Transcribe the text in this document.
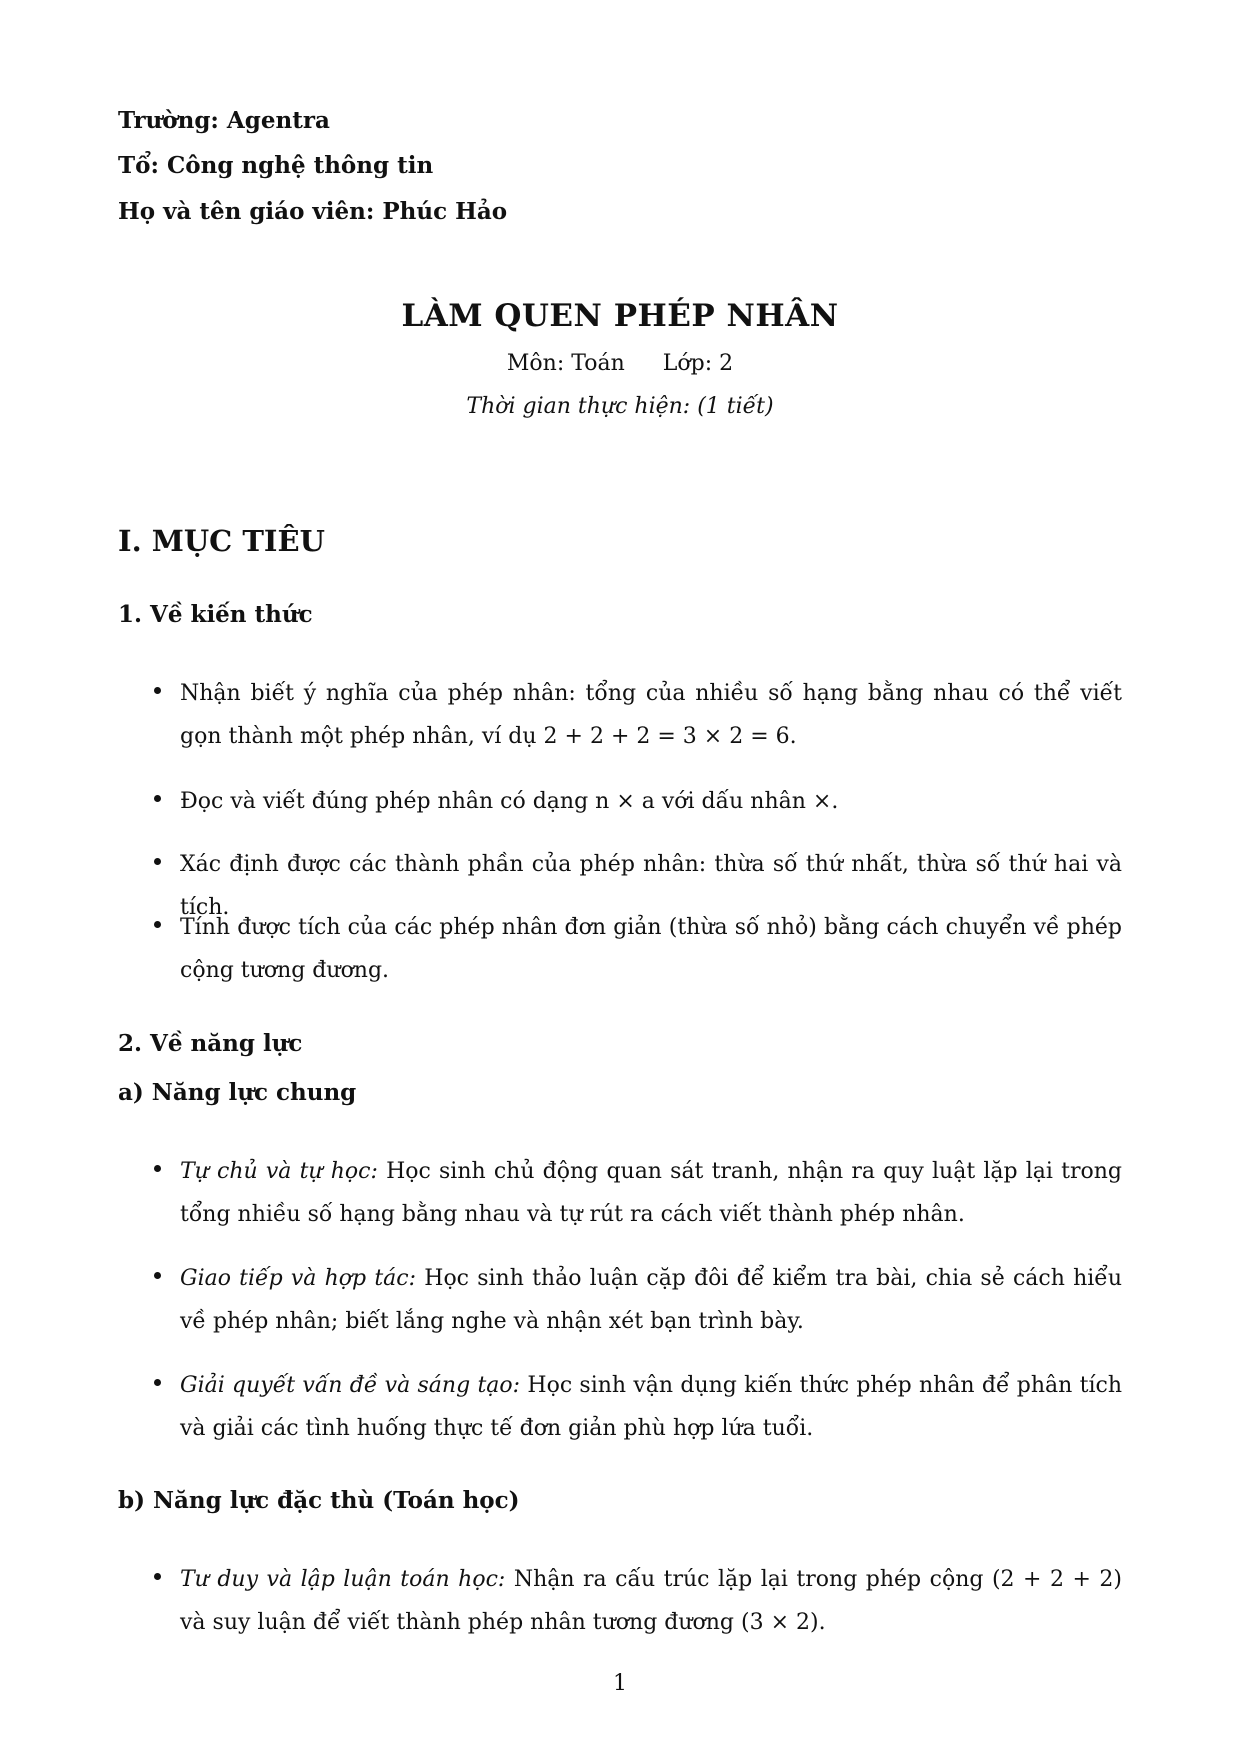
Trường: Agentra
Tổ: Công nghệ thông tin
Họ và tên giáo viên: Phúc Hảo
LÀM QUEN PHÉP NHÂN
Môn: Toán Lớp: 2
Thời gian thực hiện: (1 tiết)
I. MỤC TIÊU
1. Về kiến thức
Nhận biết ý nghĩa của phép nhân: tổng của nhiều số hạng bằng nhau có thể viết gọn thành một phép nhân, ví dụ 2 + 2 + 2 = 3 × 2 = 6.
Đọc và viết đúng phép nhân có dạng n × a với dấu nhân ×.
Xác định được các thành phần của phép nhân: thừa số thứ nhất, thừa số thứ hai và tích.
Tính được tích của các phép nhân đơn giản (thừa số nhỏ) bằng cách chuyển về phép cộng tương đương.
2. Về năng lực
a) Năng lực chung
Tự chủ và tự học: Học sinh chủ động quan sát tranh, nhận ra quy luật lặp lại trong tổng nhiều số hạng bằng nhau và tự rút ra cách viết thành phép nhân.
Giao tiếp và hợp tác: Học sinh thảo luận cặp đôi để kiểm tra bài, chia sẻ cách hiểu về phép nhân; biết lắng nghe và nhận xét bạn trình bày.
Giải quyết vấn đề và sáng tạo: Học sinh vận dụng kiến thức phép nhân để phân tích và giải các tình huống thực tế đơn giản phù hợp lứa tuổi.
b) Năng lực đặc thù (Toán học)
Tư duy và lập luận toán học: Nhận ra cấu trúc lặp lại trong phép cộng (2 + 2 + 2) và suy luận để viết thành phép nhân tương đương (3 × 2).
1
